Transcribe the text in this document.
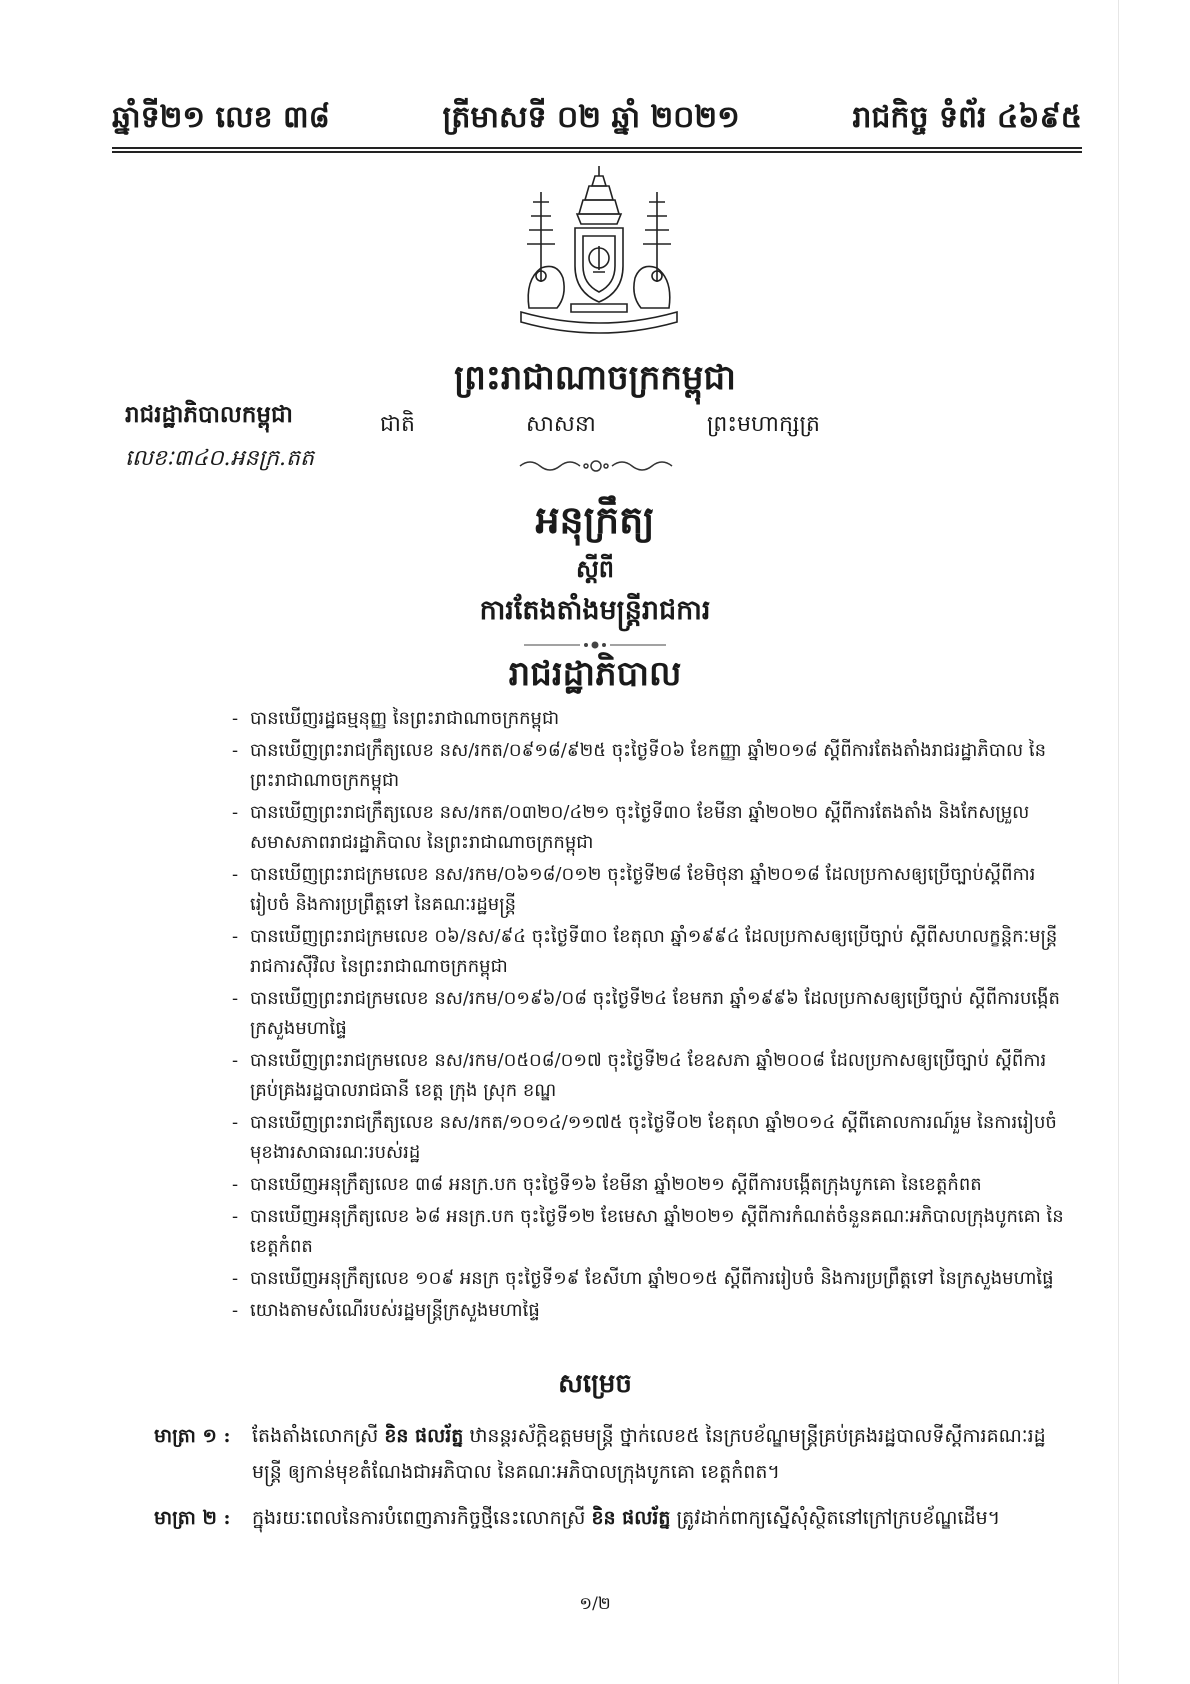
ឆ្នាំទី២១ លេខ ៣៨	ត្រីមាសទី ០២ ឆ្នាំ ២០២១	រាជកិច្ច ទំព័រ ៤៦៩៥
ព្រះរាជាណាចក្រកម្ពុជា
ជាតិ	សាសនា	ព្រះមហាក្សត្រ
រាជរដ្ឋាភិបាលកម្ពុជា
លេខៈ៣៤០.អនក្រ.តត
អនុក្រឹត្យ
ស្តីពី
ការតែងតាំងមន្ត្រីរាជការ
រាជរដ្ឋាភិបាល
- បានឃើញរដ្ឋធម្មនុញ្ញ នៃព្រះរាជាណាចក្រកម្ពុជា
- បានឃើញព្រះរាជក្រឹត្យលេខ នស/រកត/០៩១៨/៩២៥ ចុះថ្ងៃទី០៦ ខែកញ្ញា ឆ្នាំ២០១៨ ស្តីពីការតែងតាំងរាជរដ្ឋាភិបាល នៃព្រះរាជាណាចក្រកម្ពុជា
- បានឃើញព្រះរាជក្រឹត្យលេខ នស/រកត/០៣២០/៤២១ ចុះថ្ងៃទី៣០ ខែមីនា ឆ្នាំ២០២០ ស្តីពីការតែងតាំង និងកែសម្រួលសមាសភាពរាជរដ្ឋាភិបាល នៃព្រះរាជាណាចក្រកម្ពុជា
- បានឃើញព្រះរាជក្រមលេខ នស/រកម/០៦១៨/០១២ ចុះថ្ងៃទី២៨ ខែមិថុនា ឆ្នាំ២០១៨ ដែលប្រកាសឲ្យប្រើច្បាប់ស្តីពីការរៀបចំ និងការប្រព្រឹត្តទៅ នៃគណៈរដ្ឋមន្ត្រី
- បានឃើញព្រះរាជក្រមលេខ ០៦/នស/៩៤ ចុះថ្ងៃទី៣០ ខែតុលា ឆ្នាំ១៩៩៤ ដែលប្រកាសឲ្យប្រើច្បាប់ ស្តីពីសហលក្ខន្តិកៈមន្ត្រីរាជការស៊ីវិល នៃព្រះរាជាណាចក្រកម្ពុជា
- បានឃើញព្រះរាជក្រមលេខ នស/រកម/០១៩៦/០៨ ចុះថ្ងៃទី២៤ ខែមករា ឆ្នាំ១៩៩៦ ដែលប្រកាសឲ្យប្រើច្បាប់ ស្តីពីការបង្កើតក្រសួងមហាផ្ទៃ
- បានឃើញព្រះរាជក្រមលេខ នស/រកម/០៥០៨/០១៧ ចុះថ្ងៃទី២៤ ខែឧសភា ឆ្នាំ២០០៨ ដែលប្រកាសឲ្យប្រើច្បាប់ ស្តីពីការគ្រប់គ្រងរដ្ឋបាលរាជធានី ខេត្ត ក្រុង ស្រុក ខណ្ឌ
- បានឃើញព្រះរាជក្រឹត្យលេខ នស/រកត/១០១៤/១១៧៥ ចុះថ្ងៃទី០២ ខែតុលា ឆ្នាំ២០១៤ ស្តីពីគោលការណ៍រួម នៃការរៀបចំមុខងារសាធារណៈរបស់រដ្ឋ
- បានឃើញអនុក្រឹត្យលេខ ៣៨ អនក្រ.បក ចុះថ្ងៃទី១៦ ខែមីនា ឆ្នាំ២០២១ ស្តីពីការបង្កើតក្រុងបូកគោ នៃខេត្តកំពត
- បានឃើញអនុក្រឹត្យលេខ ៦៨ អនក្រ.បក ចុះថ្ងៃទី១២ ខែមេសា ឆ្នាំ២០២១ ស្តីពីការកំណត់ចំនួនគណៈអភិបាលក្រុងបូកគោ នៃខេត្តកំពត
- បានឃើញអនុក្រឹត្យលេខ ១០៩ អនក្រ ចុះថ្ងៃទី១៩ ខែសីហា ឆ្នាំ២០១៥ ស្តីពីការរៀបចំ និងការប្រព្រឹត្តទៅ នៃក្រសួងមហាផ្ទៃ
- យោងតាមសំណើរបស់រដ្ឋមន្ត្រីក្រសួងមហាផ្ទៃ
សម្រេច
មាត្រា ១ :	តែងតាំងលោកស្រី ខិន ផលរ័ត្ន ឋានន្តរស័ក្តិឧត្តមមន្ត្រី ថ្នាក់លេខ៥ នៃក្របខ័ណ្ឌមន្ត្រីគ្រប់គ្រងរដ្ឋបាលទីស្តីការគណៈរដ្ឋមន្ត្រី ឲ្យកាន់មុខតំណែងជាអភិបាល នៃគណៈអភិបាលក្រុងបូកគោ ខេត្តកំពត។
មាត្រា ២ :	ក្នុងរយៈពេលនៃការបំពេញភារកិច្ចថ្មីនេះលោកស្រី ខិន ផលរ័ត្ន ត្រូវដាក់ពាក្យស្នើសុំស្ថិតនៅក្រៅក្របខ័ណ្ឌដើម។
១/២
